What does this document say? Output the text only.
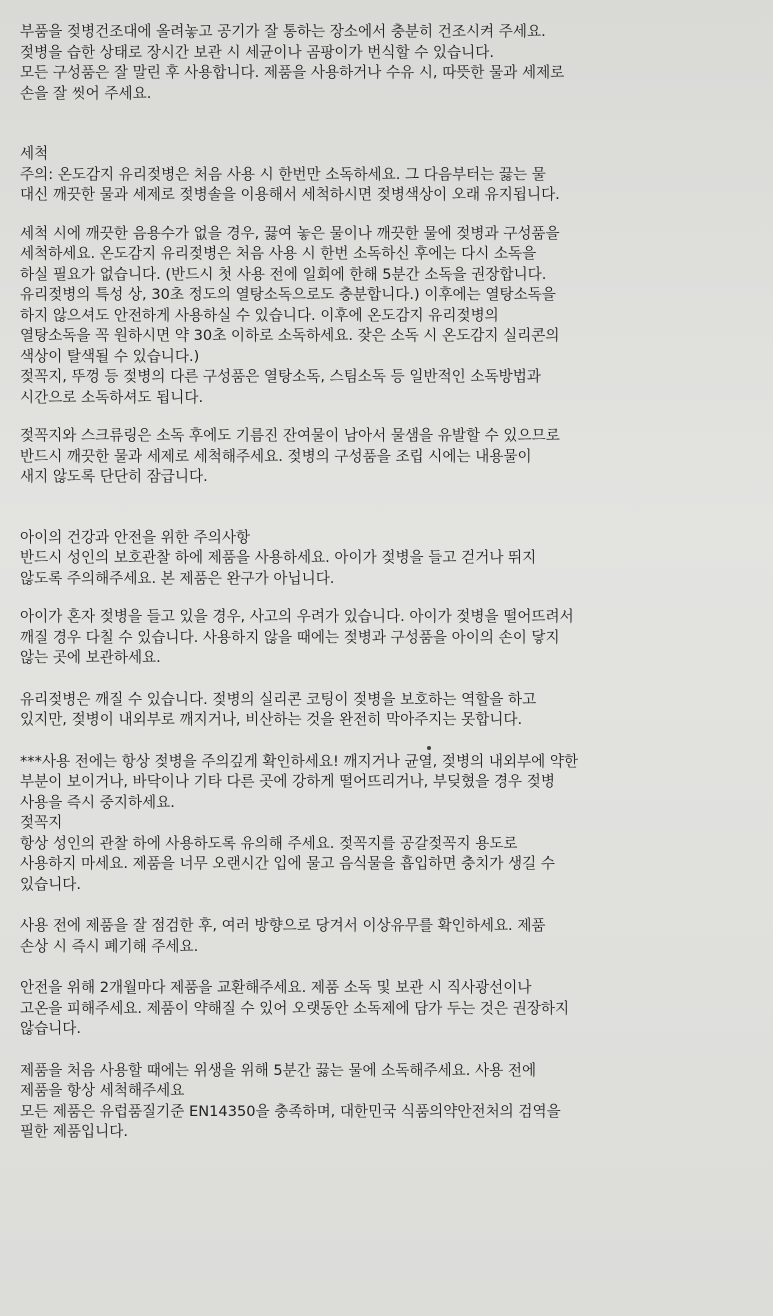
부품을 젖병건조대에 올려놓고 공기가 잘 통하는 장소에서 충분히 건조시켜 주세요.
젖병을 습한 상태로 장시간 보관 시 세균이나 곰팡이가 번식할 수 있습니다.
모든 구성품은 잘 말린 후 사용합니다. 제품을 사용하거나 수유 시, 따뜻한 물과 세제로
손을 잘 씻어 주세요.
세척
주의: 온도감지 유리젖병은 처음 사용 시 한번만 소독하세요. 그 다음부터는 끓는 물
대신 깨끗한 물과 세제로 젖병솔을 이용해서 세척하시면 젖병색상이 오래 유지됩니다.
세척 시에 깨끗한 음용수가 없을 경우, 끓여 놓은 물이나 깨끗한 물에 젖병과 구성품을
세척하세요. 온도감지 유리젖병은 처음 사용 시 한번 소독하신 후에는 다시 소독을
하실 필요가 없습니다. (반드시 첫 사용 전에 일회에 한해 5분간 소독을 권장합니다.
유리젖병의 특성 상, 30초 정도의 열탕소독으로도 충분합니다.) 이후에는 열탕소독을
하지 않으셔도 안전하게 사용하실 수 있습니다. 이후에 온도감지 유리젖병의
열탕소독을 꼭 원하시면 약 30초 이하로 소독하세요. 잦은 소독 시 온도감지 실리콘의
색상이 탈색될 수 있습니다.)
젖꼭지, 뚜껑 등 젖병의 다른 구성품은 열탕소독, 스팀소독 등 일반적인 소독방법과
시간으로 소독하셔도 됩니다.
젖꼭지와 스크류링은 소독 후에도 기름진 잔여물이 남아서 물샘을 유발할 수 있으므로
반드시 깨끗한 물과 세제로 세척해주세요. 젖병의 구성품을 조립 시에는 내용물이
새지 않도록 단단히 잠급니다.
아이의 건강과 안전을 위한 주의사항
반드시 성인의 보호관찰 하에 제품을 사용하세요. 아이가 젖병을 들고 걷거나 뛰지
않도록 주의해주세요. 본 제품은 완구가 아닙니다.
아이가 혼자 젖병을 들고 있을 경우, 사고의 우려가 있습니다. 아이가 젖병을 떨어뜨려서
깨질 경우 다칠 수 있습니다. 사용하지 않을 때에는 젖병과 구성품을 아이의 손이 닿지
않는 곳에 보관하세요.
유리젖병은 깨질 수 있습니다. 젖병의 실리콘 코팅이 젖병을 보호하는 역할을 하고
있지만, 젖병이 내외부로 깨지거나, 비산하는 것을 완전히 막아주지는 못합니다.
***사용 전에는 항상 젖병을 주의깊게 확인하세요! 깨지거나 균열, 젖병의 내외부에 약한
부분이 보이거나, 바닥이나 기타 다른 곳에 강하게 떨어뜨리거나, 부딪혔을 경우 젖병
사용을 즉시 중지하세요.
젖꼭지
항상 성인의 관찰 하에 사용하도록 유의해 주세요. 젖꼭지를 공갈젖꼭지 용도로
사용하지 마세요. 제품을 너무 오랜시간 입에 물고 음식물을 흡입하면 충치가 생길 수
있습니다.
사용 전에 제품을 잘 점검한 후, 여러 방향으로 당겨서 이상유무를 확인하세요. 제품
손상 시 즉시 폐기해 주세요.
안전을 위해 2개월마다 제품을 교환해주세요. 제품 소독 및 보관 시 직사광선이나
고온을 피해주세요. 제품이 약해질 수 있어 오랫동안 소독제에 담가 두는 것은 권장하지
않습니다.
제품을 처음 사용할 때에는 위생을 위해 5분간 끓는 물에 소독해주세요. 사용 전에
제품을 항상 세척해주세요
모든 제품은 유럽품질기준 EN14350을 충족하며, 대한민국 식품의약안전처의 검역을
필한 제품입니다.
